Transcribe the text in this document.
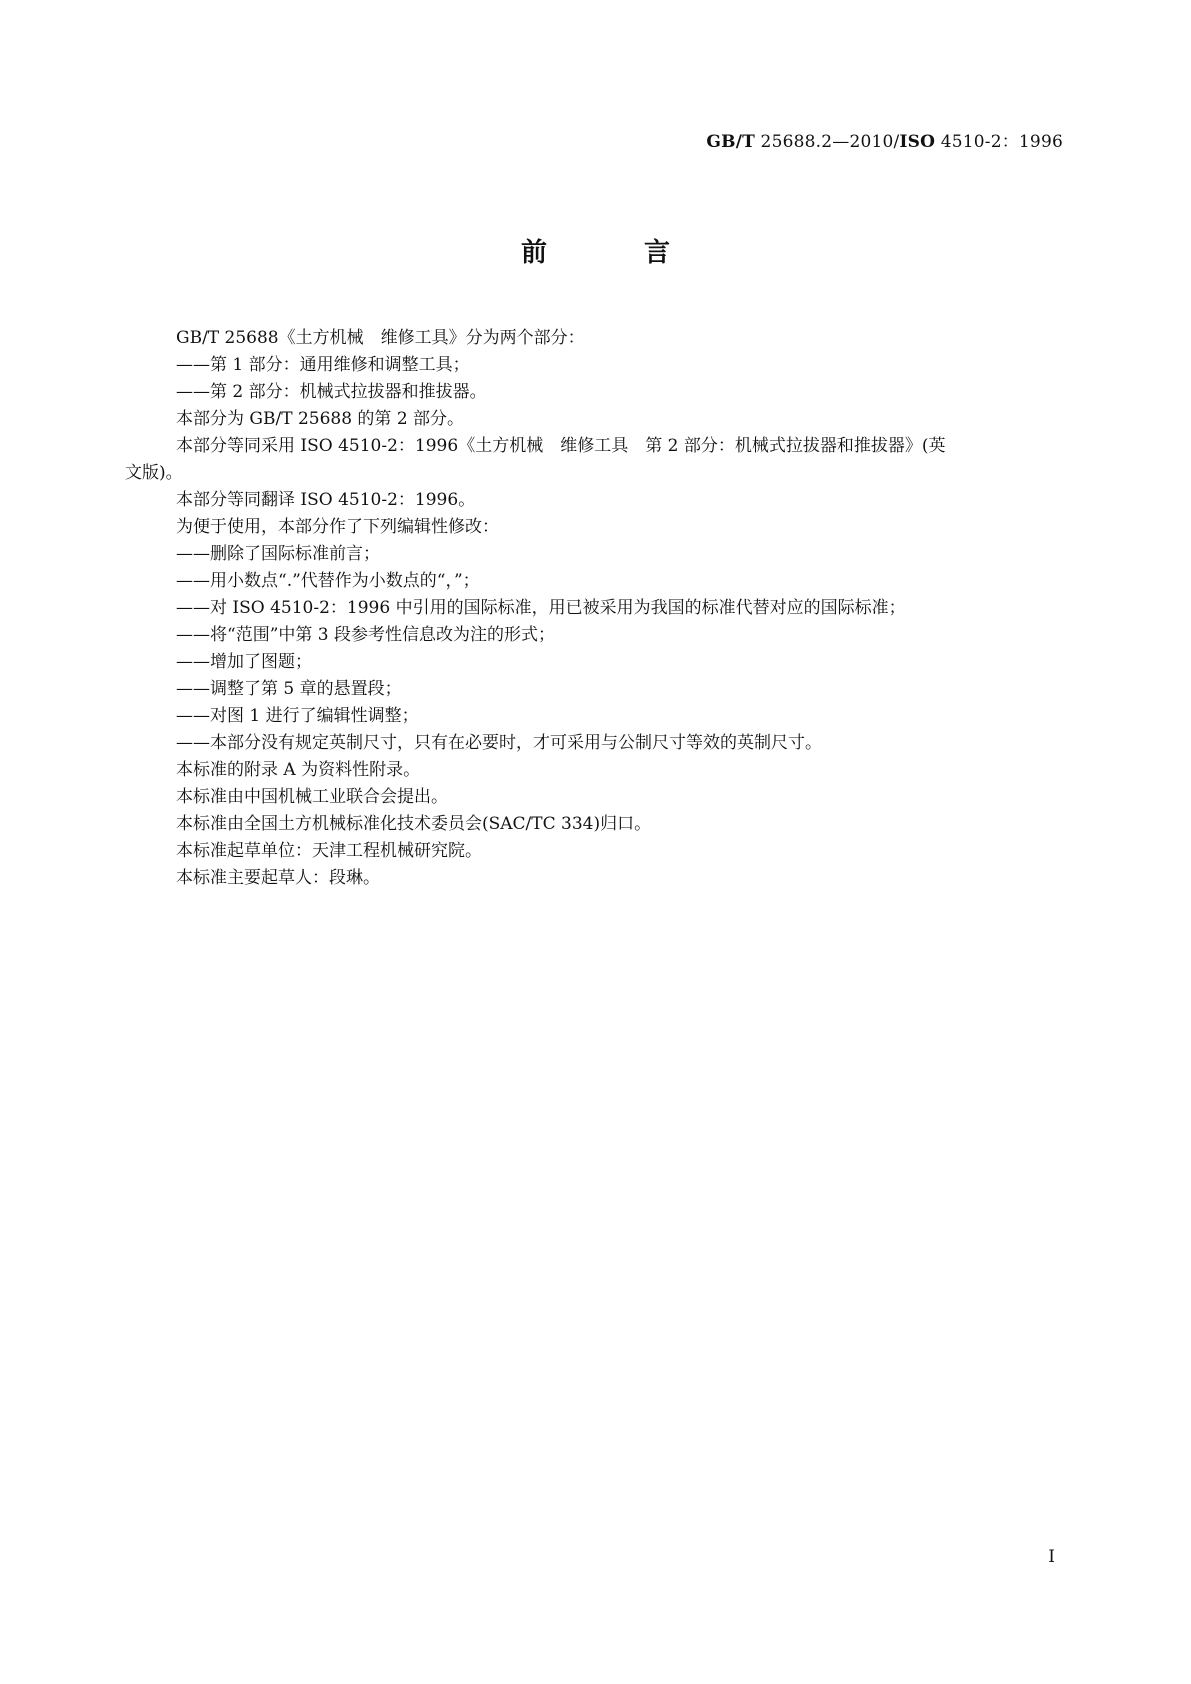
GB/T 25688.2—2010/ISO 4510-2：1996
前 言
GB/T 25688《土方机械　维修工具》分为两个部分：
——第 1 部分：通用维修和调整工具；
——第 2 部分：机械式拉拔器和推拔器。
本部分为 GB/T 25688 的第 2 部分。
本部分等同采用 ISO 4510-2：1996《土方机械　维修工具　第 2 部分：机械式拉拔器和推拔器》(英
文版)。
本部分等同翻译 ISO 4510-2：1996。
为便于使用，本部分作了下列编辑性修改：
——删除了国际标准前言；
——用小数点“.”代替作为小数点的“，”；
——对 ISO 4510-2：1996 中引用的国际标准，用已被采用为我国的标准代替对应的国际标准；
——将“范围”中第 3 段参考性信息改为注的形式；
——增加了图题；
——调整了第 5 章的悬置段；
——对图 1 进行了编辑性调整；
——本部分没有规定英制尺寸，只有在必要时，才可采用与公制尺寸等效的英制尺寸。
本标准的附录 A 为资料性附录。
本标准由中国机械工业联合会提出。
本标准由全国土方机械标准化技术委员会(SAC/TC 334)归口。
本标准起草单位：天津工程机械研究院。
本标准主要起草人：段琳。
I
